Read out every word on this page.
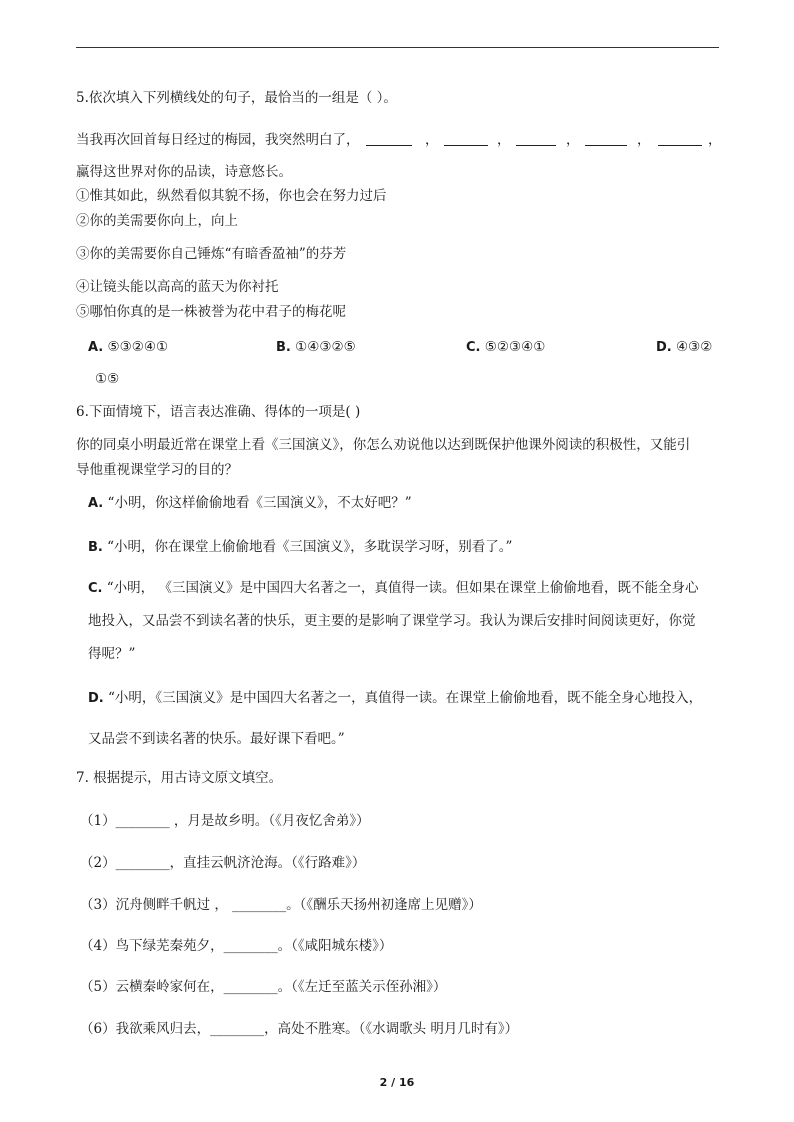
5.依次填入下列横线处的句子，最恰当的一组是（ ）。
当我再次回首每日经过的梅园，我突然明白了，	，	，	，	，	，
赢得这世界对你的品读，诗意悠长。
①惟其如此，纵然看似其貌不扬，你也会在努力过后
②你的美需要你向上，向上
③你的美需要你自己锤炼“有暗香盈袖”的芬芳
④让镜头能以高高的蓝天为你衬托
⑤哪怕你真的是一株被誉为花中君子的梅花呢
A. ⑤③②④①	B. ①④③②⑤	C. ⑤②③④①	D. ④③②
①⑤
6.下面情境下，语言表达准确、得体的一项是( )
你的同桌小明最近常在课堂上看《三国演义》，你怎么劝说他以达到既保护他课外阅读的积极性，又能引
导他重视课堂学习的目的？
A. “小明，你这样偷偷地看《三国演义》，不太好吧？”
B. “小明，你在课堂上偷偷地看《三国演义》，多耽误学习呀，别看了。”
C. “小明， 《三国演义》是中国四大名著之一，真值得一读。但如果在课堂上偷偷地看，既不能全身心
地投入，又品尝不到读名著的快乐，更主要的是影响了课堂学习。我认为课后安排时间阅读更好，你觉
得呢？”
D. “小明，《三国演义》是中国四大名著之一，真值得一读。在课堂上偷偷地看，既不能全身心地投入，
又品尝不到读名著的快乐。最好课下看吧。”
7. 根据提示，用古诗文原文填空。
（1）________ ，月是故乡明。（《月夜忆舍弟》）
（2）________，直挂云帆济沧海。（《行路难》）
（3）沉舟侧畔千帆过 ， ________。（《酬乐天扬州初逢席上见赠》）
（4）鸟下绿芜秦苑夕，________。（《咸阳城东楼》）
（5）云横秦岭家何在，________。（《左迁至蓝关示侄孙湘》）
（6）我欲乘风归去，________，高处不胜寒。（《水调歌头 明月几时有》）
2 / 16
